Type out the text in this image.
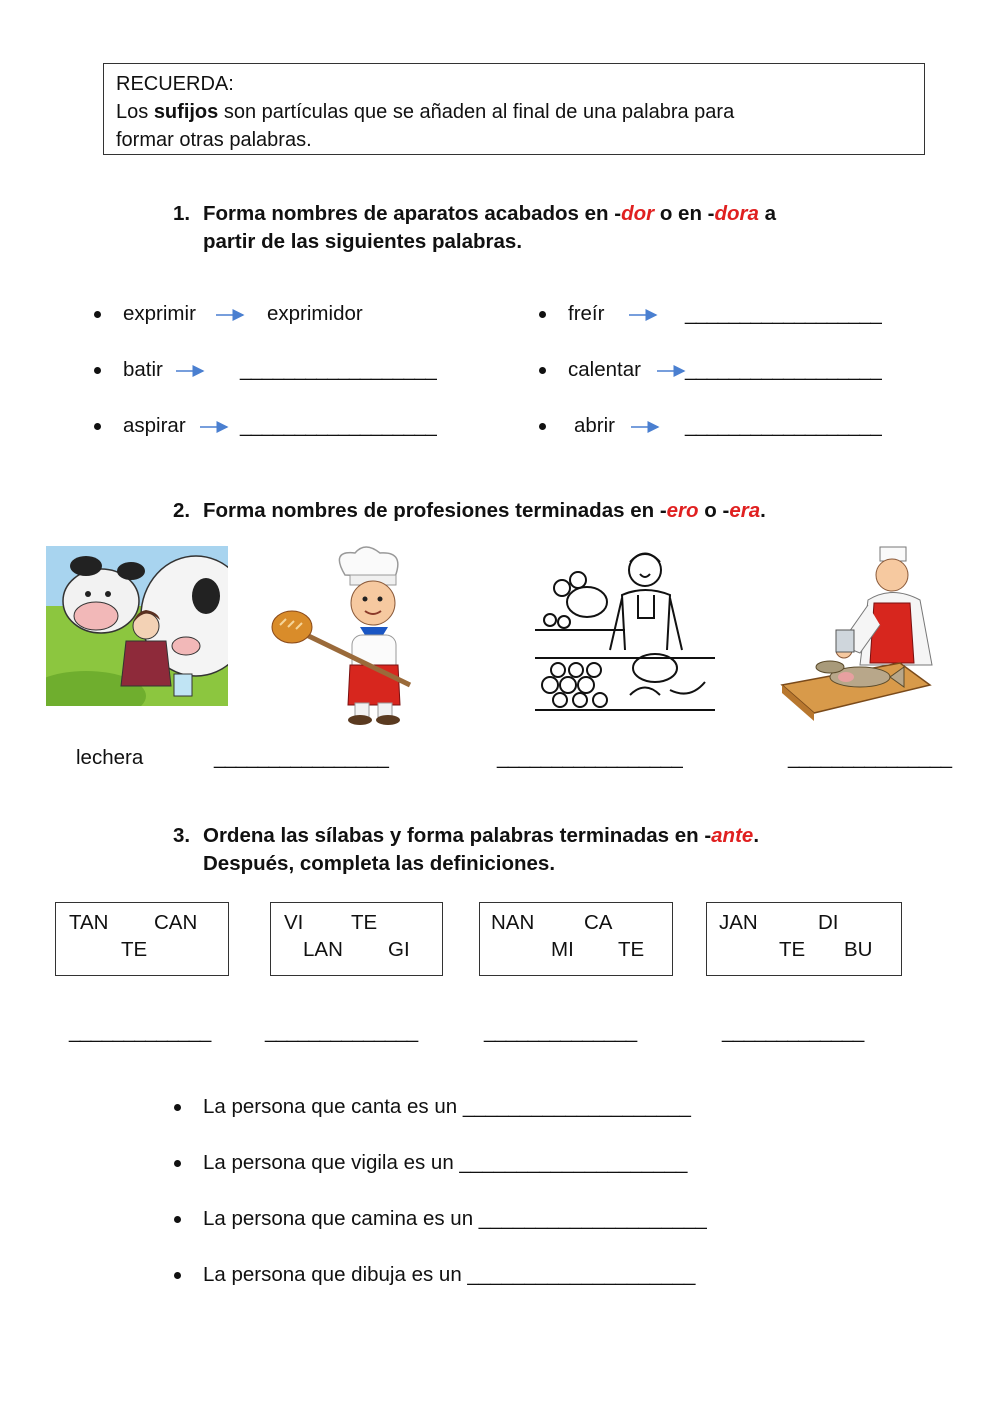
RECUERDA:
Los sufijos son partículas que se añaden al final de una palabra para
formar otras palabras.
1. Forma nombres de aparatos acabados en -dor o en -dora a
partir de las siguientes palabras.
exprimir	exprimidor
batir	__________________
aspirar	__________________
freír	__________________
calentar __________________
abrir	__________________
2. Forma nombres de profesiones terminadas en -ero o -era.
lechera	________________	_________________	_______________
3. Ordena las sílabas y forma palabras terminadas en -ante.
Después, completa las definiciones.
TAN CAN
TE
VI TE
LAN GI
NAN CA
MI TE
JAN	DI
TE BU
_____________	______________	______________	_____________
La persona que canta es un ____________________
La persona que vigila es un ____________________
La persona que camina es un ____________________
La persona que dibuja es un ____________________
